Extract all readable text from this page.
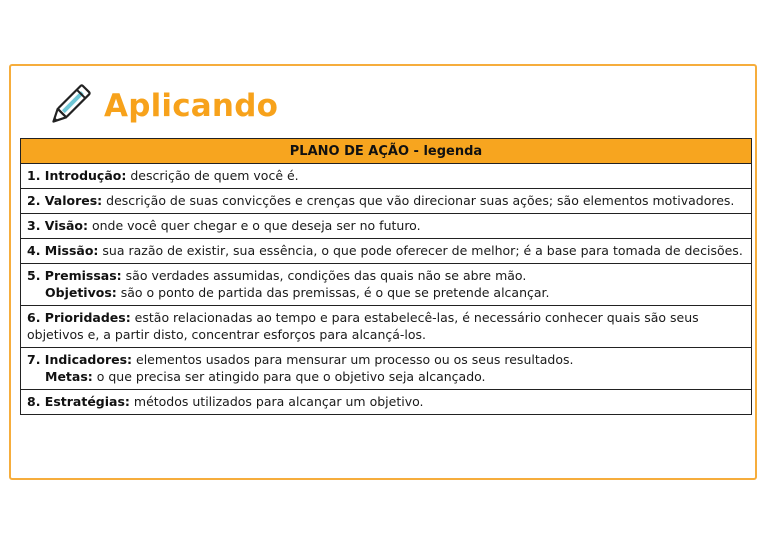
Aplicando
PLANO DE AÇÃO - legenda
1. Introdução: descrição de quem você é.
2. Valores: descrição de suas convicções e crenças que vão direcionar suas ações; são elementos motivadores.
3. Visão: onde você quer chegar e o que deseja ser no futuro.
4. Missão: sua razão de existir, sua essência, o que pode oferecer de melhor; é a base para tomada de decisões.
5. Premissas: são verdades assumidas, condições das quais não se abre mão.
Objetivos: são o ponto de partida das premissas, é o que se pretende alcançar.

6. Prioridades: estão relacionadas ao tempo e para estabelecê-las, é necessário conhecer quais são seus objetivos e, a partir disto, concentrar esforços para alcançá-los.
7. Indicadores: elementos usados para mensurar um processo ou os seus resultados.
Metas: o que precisa ser atingido para que o objetivo seja alcançado.

8. Estratégias: métodos utilizados para alcançar um objetivo.
